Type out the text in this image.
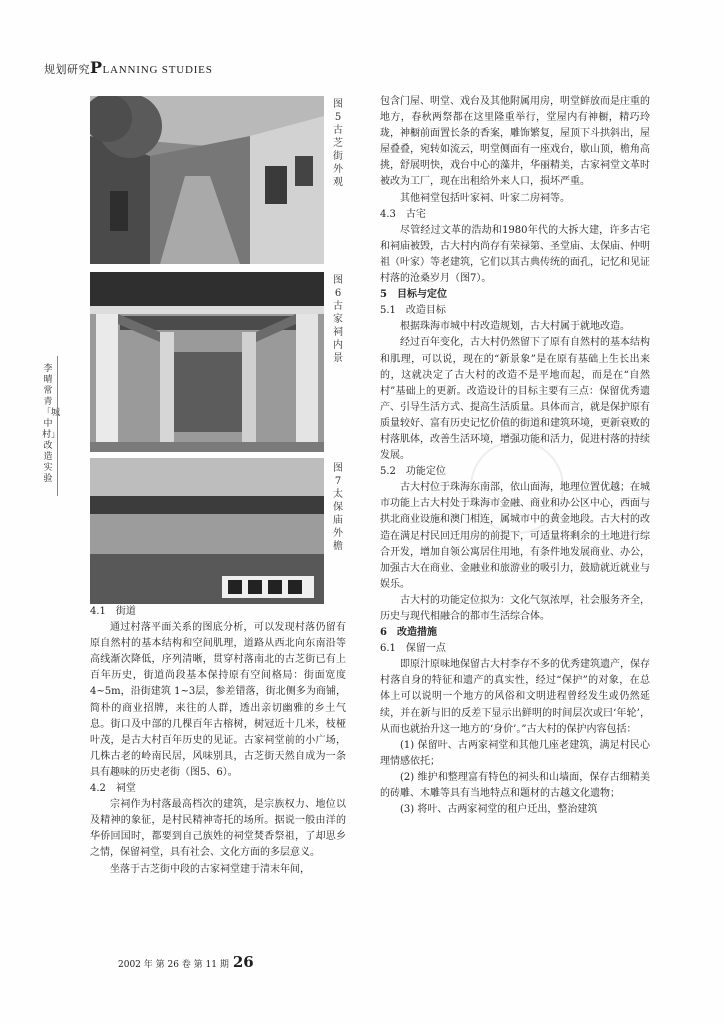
规划研究PLANNING STUDIES
李晴 常青 「城中村」改造实验
图5 古芝街外观
图6 古家祠内景
图7 太保庙外檐
4.1　街道

通过村落平面关系的图底分析，可以发现村落仍留有原自然村的基本结构和空间肌理，道路从西北向东南沿等高线渐次降低，序列清晰，贯穿村落南北的古芝街已有上百年历史，街道尚段基本保持原有空间格局：街面宽度 4~5m，沿街建筑 1~3层，参差错落，街北侧多为商铺，简朴的商业招牌，来往的人群，透出亲切幽雅的乡土气息。街口及中部的几棵百年古榕树，树冠近十几米，枝桠叶茂，是古大村百年历史的见证。古家祠堂前的小广场，几株古老的岭南民居，风味别具，古芝街天然自成为一条具有趣味的历史老街（图5、6）。

4.2　祠堂

宗祠作为村落最高档次的建筑，是宗族权力、地位以及精神的象征，是村民精神寄托的场所。据说一般由洋的华侨回国时，都要到自己族姓的祠堂焚香祭祖，了却思乡之情，保留祠堂，具有社会、文化方面的多层意义。

坐落于古芝街中段的古家祠堂建于清末年间，

包含门屋、明堂、戏台及其他附属用房，明堂鲜放而是庄重的地方，春秋两祭都在这里隆重举行，堂屋内有神橱，精巧玲珑，神橱前面置长条的香案，雕饰繁复，屋顶下斗拱斜出，屋屋叠叠，宛转如流云，明堂侧面有一座戏台，歇山顶，檐角高挑，舒展明快，戏台中心的藻井，华丽精美，古家祠堂文革时被改为工厂，现在出租给外来人口，损坏严重。

其他祠堂包括叶家祠、叶家二房祠等。

4.3　古宅

尽管经过文革的浩劫和1980年代的大拆大建，许多古宅和祠庙被毁，古大村内尚存有荣禄第、圣堂庙、太保庙、仲明祖（叶家）等老建筑，它们以其古典传统的面孔，记忆和见证村落的沧桑岁月（图7）。

5　目标与定位
5.1　改造目标

根据珠海市城中村改造规划，古大村属于就地改造。

经过百年变化，古大村仍然留下了原有自然村的基本结构和肌理，可以说，现在的“新景象”是在原有基础上生长出来的，这就决定了古大村的改造不是平地而起，而是在“自然村”基础上的更新。改造设计的目标主要有三点：保留优秀遗产、引导生活方式、提高生活质量。具体而言，就是保护原有质量较好、富有历史记忆价值的街道和建筑环境，更新衰败的村落肌体，改善生活环境，增强功能和活力，促进村落的持续发展。

5.2　功能定位

古大村位于珠海东南部，依山面海，地理位置优越；在城市功能上古大村处于珠海市金融、商业和办公区中心，西面与拱北商业设施和澳门相连，属城市中的黄金地段。古大村的改造在满足村民回迁用房的前提下，可适量将剩余的土地进行综合开发，增加自领公寓居住用地，有条件地发展商业、办公，加强古大在商业、金融业和旅游业的吸引力，鼓励就近就业与娱乐。

古大村的功能定位拟为：文化气氛浓厚，社会服务齐全，历史与现代相融合的都市生活综合体。

6　改造措施
6.1　保留一点

即原汁原味地保留古大村李存不多的优秀建筑遗产，保存村落自身的特征和遗产的真实性，经过“保护”的对象，在总体上可以说明一个地方的风俗和文明进程曾经发生或仍然延续，并在新与旧的反差下显示出鲜明的时间层次或曰‘年轮’，从而也就抬升这一地方的‘身价’。”古大村的保护内容包括：

(1) 保留叶、古两家祠堂和其他几座老建筑，满足村民心理情感依托；
(2) 维护和整理富有特色的祠头和山墙面，保存古细精美的砖雕、木雕等具有当地特点和题材的古越文化遗物；
(3) 将叶、古两家祠堂的租户迁出，整治建筑
2002 年 第 26 卷 第 11 期 26
